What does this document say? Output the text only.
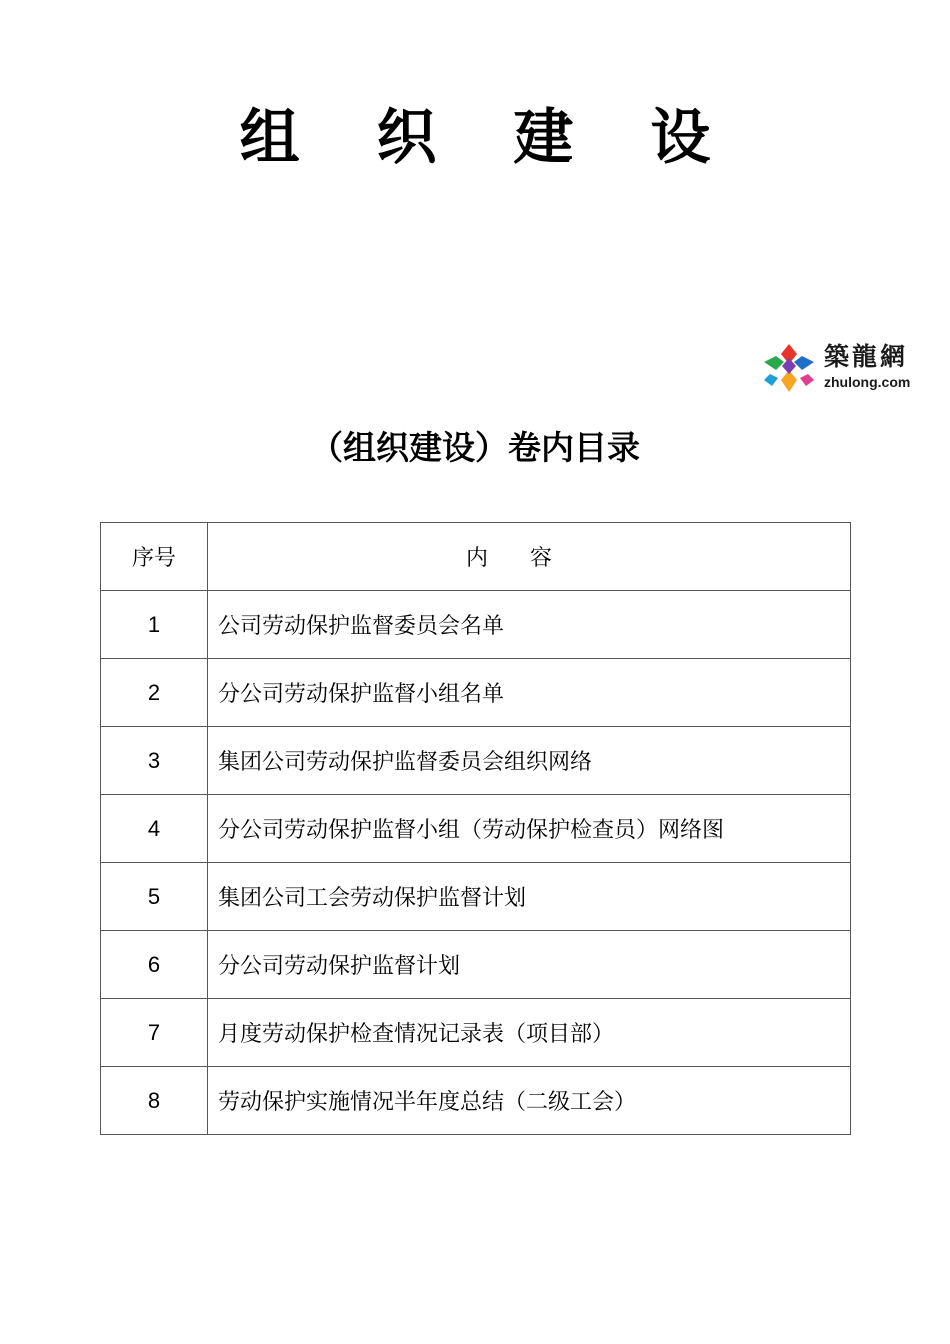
组 织 建 设
築龍網
zhulong.com
（组织建设）卷内目录
序号	内      容
1	公司劳动保护监督委员会名单
2	分公司劳动保护监督小组名单
3	集团公司劳动保护监督委员会组织网络
4	分公司劳动保护监督小组（劳动保护检查员）网络图
5	集团公司工会劳动保护监督计划
6	分公司劳动保护监督计划
7	月度劳动保护检查情况记录表（项目部）
8	劳动保护实施情况半年度总结（二级工会）
